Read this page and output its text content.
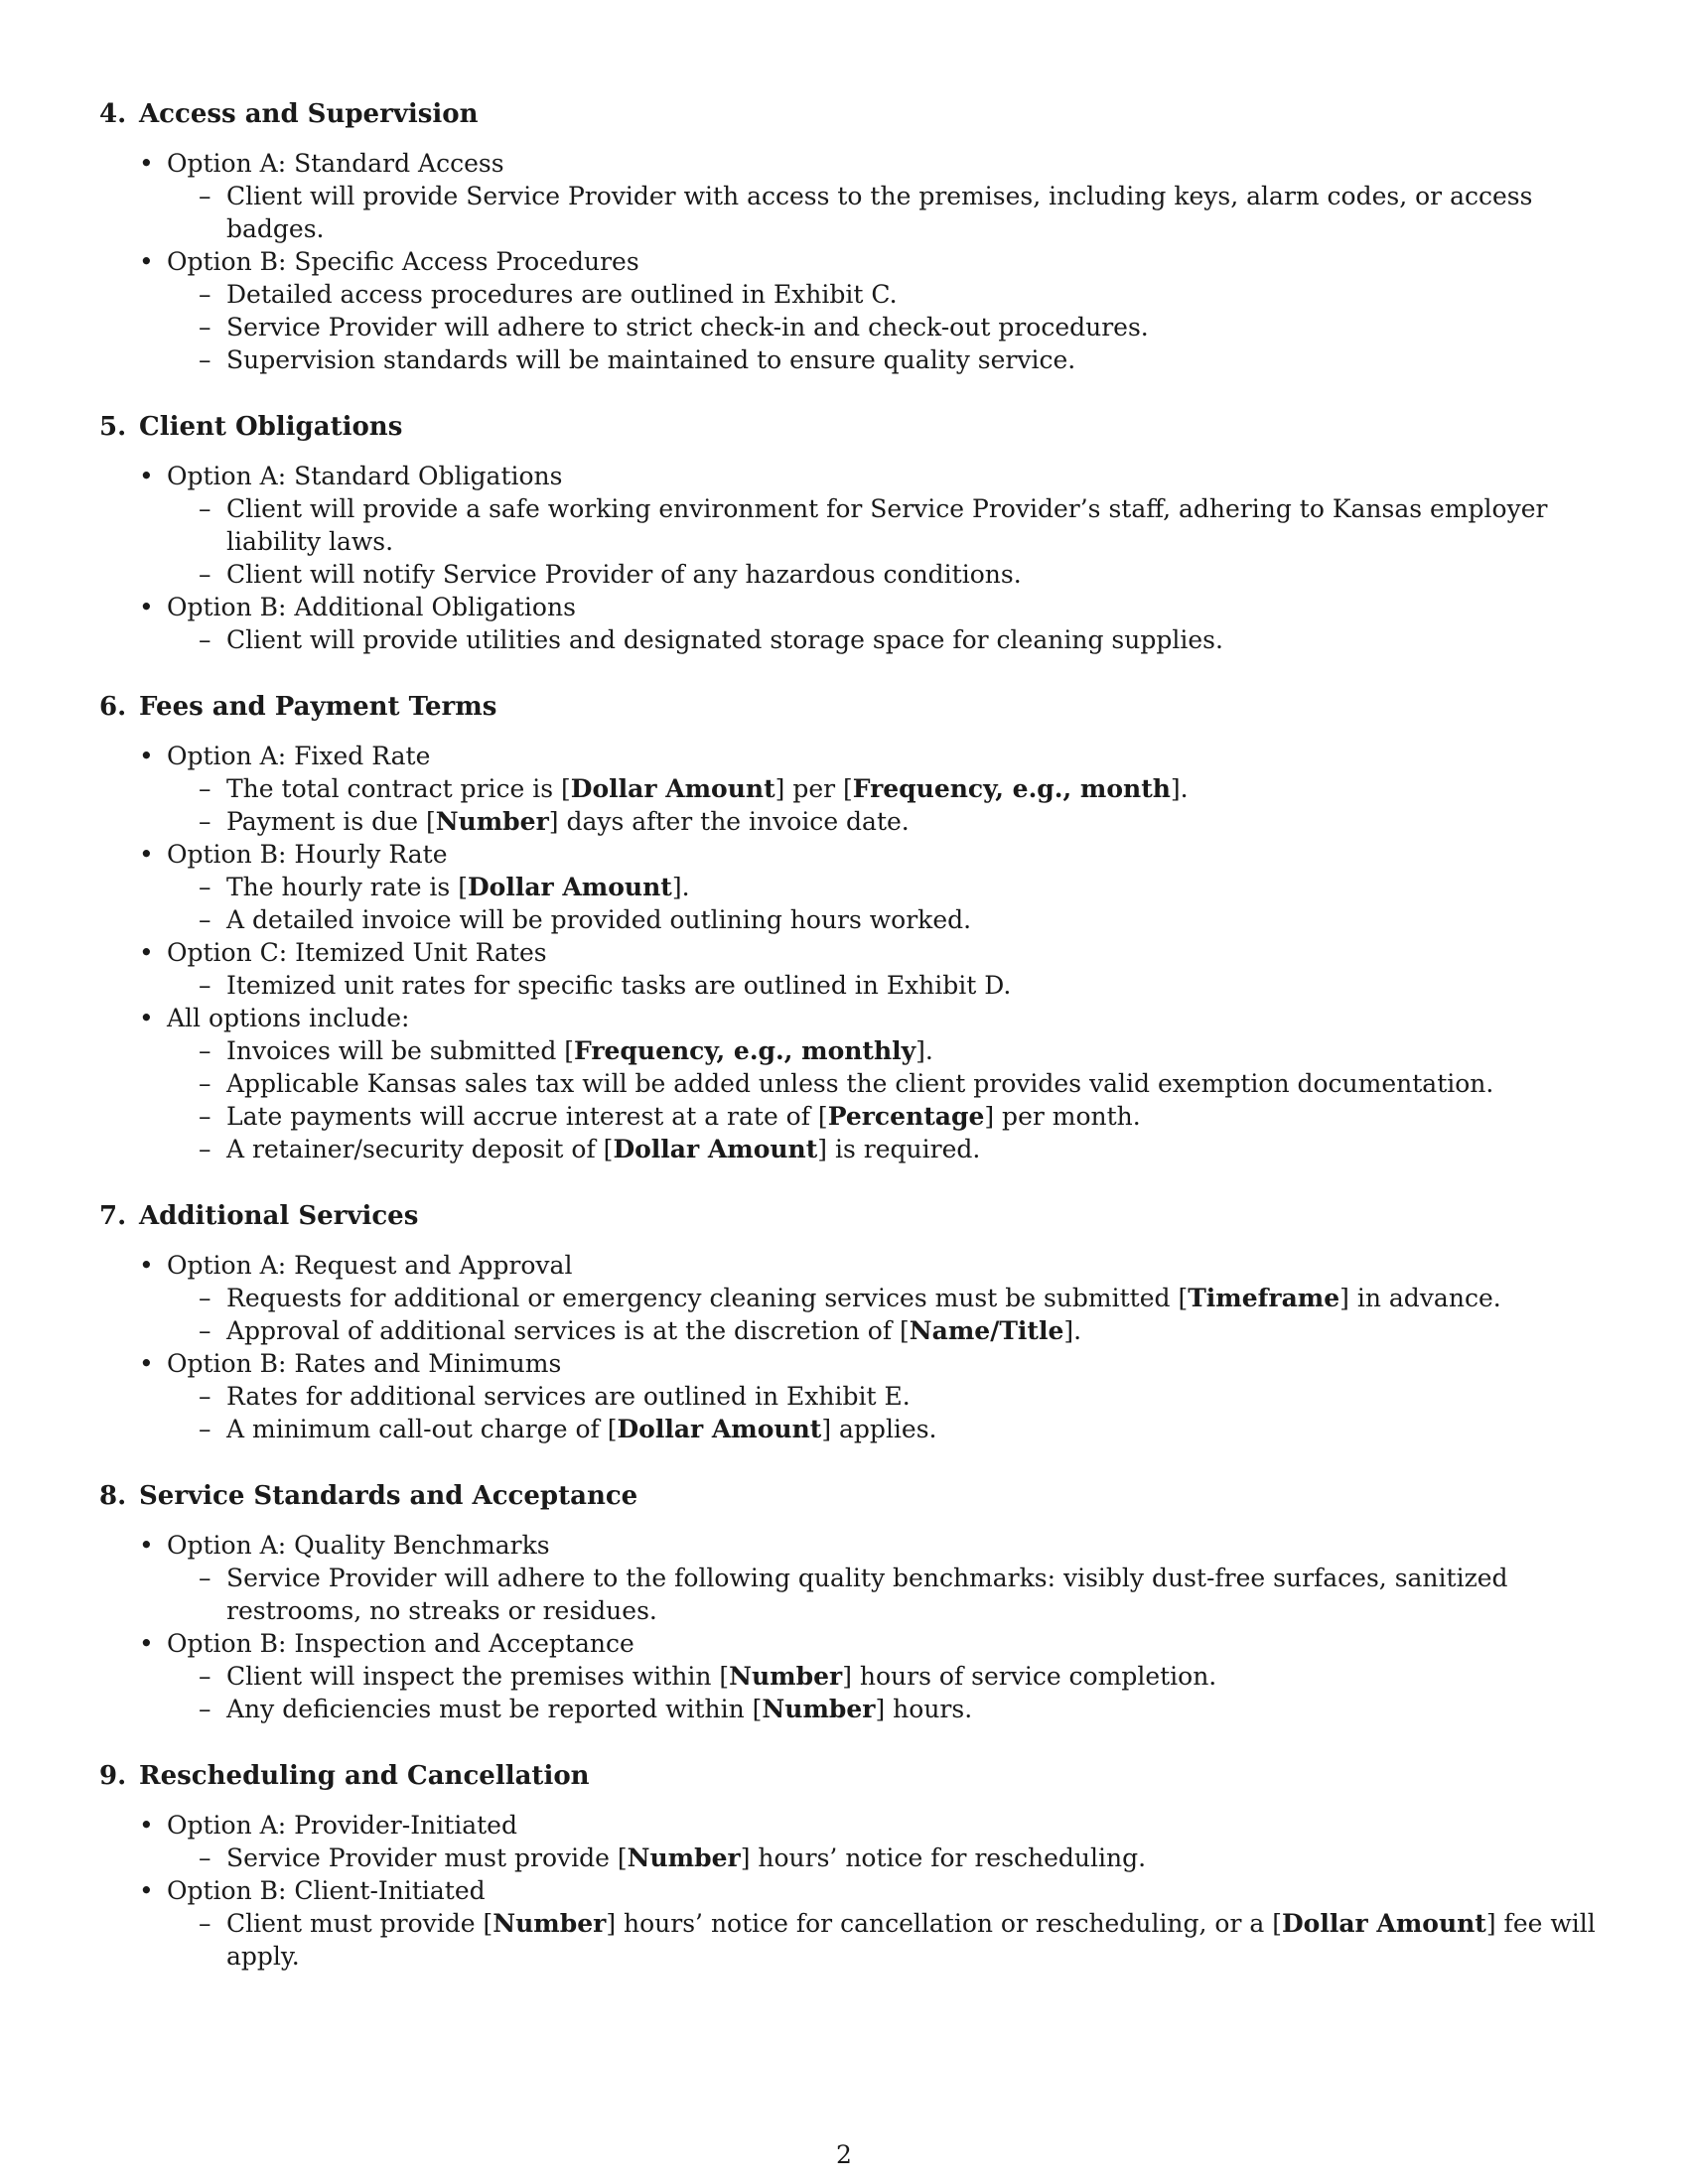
4. Access and Supervision
• Option A: Standard Access
– Client will provide Service Provider with access to the premises, including keys, alarm codes, or access badges.
• Option B: Specific Access Procedures
– Detailed access procedures are outlined in Exhibit C.
– Service Provider will adhere to strict check-in and check-out procedures.
– Supervision standards will be maintained to ensure quality service.
5. Client Obligations
• Option A: Standard Obligations
– Client will provide a safe working environment for Service Provider’s staff, adhering to Kansas employer liability laws.
– Client will notify Service Provider of any hazardous conditions.
• Option B: Additional Obligations
– Client will provide utilities and designated storage space for cleaning supplies.
6. Fees and Payment Terms
• Option A: Fixed Rate
– The total contract price is [Dollar Amount] per [Frequency, e.g., month].
– Payment is due [Number] days after the invoice date.
• Option B: Hourly Rate
– The hourly rate is [Dollar Amount].
– A detailed invoice will be provided outlining hours worked.
• Option C: Itemized Unit Rates
– Itemized unit rates for specific tasks are outlined in Exhibit D.
• All options include:
– Invoices will be submitted [Frequency, e.g., monthly].
– Applicable Kansas sales tax will be added unless the client provides valid exemption documentation.
– Late payments will accrue interest at a rate of [Percentage] per month.
– A retainer/security deposit of [Dollar Amount] is required.
7. Additional Services
• Option A: Request and Approval
– Requests for additional or emergency cleaning services must be submitted [Timeframe] in advance.
– Approval of additional services is at the discretion of [Name/Title].
• Option B: Rates and Minimums
– Rates for additional services are outlined in Exhibit E.
– A minimum call-out charge of [Dollar Amount] applies.
8. Service Standards and Acceptance
• Option A: Quality Benchmarks
– Service Provider will adhere to the following quality benchmarks: visibly dust-free surfaces, sanitized restrooms, no streaks or residues.
• Option B: Inspection and Acceptance
– Client will inspect the premises within [Number] hours of service completion.
– Any deficiencies must be reported within [Number] hours.
9. Rescheduling and Cancellation
• Option A: Provider-Initiated
– Service Provider must provide [Number] hours’ notice for rescheduling.
• Option B: Client-Initiated
– Client must provide [Number] hours’ notice for cancellation or rescheduling, or a [Dollar Amount] fee will apply.
2
